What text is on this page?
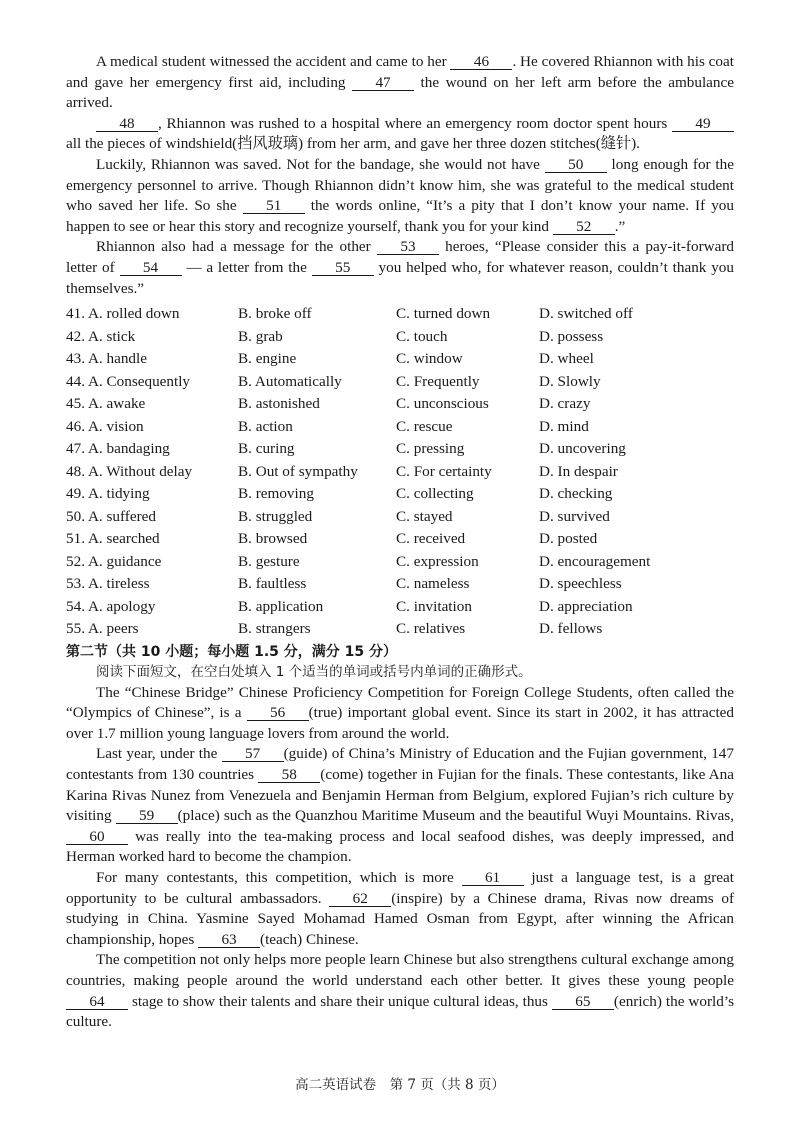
A medical student witnessed the accident and came to her 46 . He covered Rhiannon with his coat and gave her emergency first aid, including 47 the wound on her left arm before the ambulance arrived.

48 , Rhiannon was rushed to a hospital where an emergency room doctor spent hours 49 all the pieces of windshield(挡风玻璃) from her arm, and gave her three dozen stitches(缝针).

Luckily, Rhiannon was saved. Not for the bandage, she would not have 50 long enough for the emergency personnel to arrive. Though Rhiannon didn’t know him, she was grateful to the medical student who saved her life. So she 51 the words online, “It’s a pity that I don’t know your name. If you happen to see or hear this story and recognize yourself, thank you for your kind 52 .”

Rhiannon also had a message for the other 53 heroes, “Please consider this a pay-it-forward letter of 54 — a letter from the 55 you helped who, for whatever reason, couldn’t thank you themselves.”

41. A. rolled down	B. broke off	C. turned down	D. switched off
42. A. stick	B. grab	C. touch	D. possess
43. A. handle	B. engine	C. window	D. wheel
44. A. Consequently	B. Automatically	C. Frequently	D. Slowly
45. A. awake	B. astonished	C. unconscious	D. crazy
46. A. vision	B. action	C. rescue	D. mind
47. A. bandaging	B. curing	C. pressing	D. uncovering
48. A. Without delay	B. Out of sympathy	C. For certainty	D. In despair
49. A. tidying	B. removing	C. collecting	D. checking
50. A. suffered	B. struggled	C. stayed	D. survived
51. A. searched	B. browsed	C. received	D. posted
52. A. guidance	B. gesture	C. expression	D. encouragement
53. A. tireless	B. faultless	C. nameless	D. speechless
54. A. apology	B. application	C. invitation	D. appreciation
55. A. peers	B. strangers	C. relatives	D. fellows
第二节（共 10 小题；每小题 1.5 分，满分 15 分）
阅读下面短文，在空白处填入 1 个适当的单词或括号内单词的正确形式。

The “Chinese Bridge” Chinese Proficiency Competition for Foreign College Students, often called the “Olympics of Chinese”, is a 56 (true) important global event. Since its start in 2002, it has attracted over 1.7 million young language lovers from around the world.

Last year, under the 57 (guide) of China’s Ministry of Education and the Fujian government, 147 contestants from 130 countries 58 (come) together in Fujian for the finals. These contestants, like Ana Karina Rivas Nunez from Venezuela and Benjamin Herman from Belgium, explored Fujian’s rich culture by visiting 59 (place) such as the Quanzhou Maritime Museum and the beautiful Wuyi Mountains. Rivas, 60 was really into the tea-making process and local seafood dishes, was deeply impressed, and Herman worked hard to become the champion.

For many contestants, this competition, which is more 61 just a language test, is a great opportunity to be cultural ambassadors. 62 (inspire) by a Chinese drama, Rivas now dreams of studying in China. Yasmine Sayed Mohamad Hamed Osman from Egypt, after winning the African championship, hopes 63 (teach) Chinese.

The competition not only helps more people learn Chinese but also strengthens cultural exchange among countries, making people around the world understand each other better. It gives these young people 64 stage to show their talents and share their unique cultural ideas, thus 65 (enrich) the world’s culture.

高二英语试卷　第 7 页（共 8 页）
